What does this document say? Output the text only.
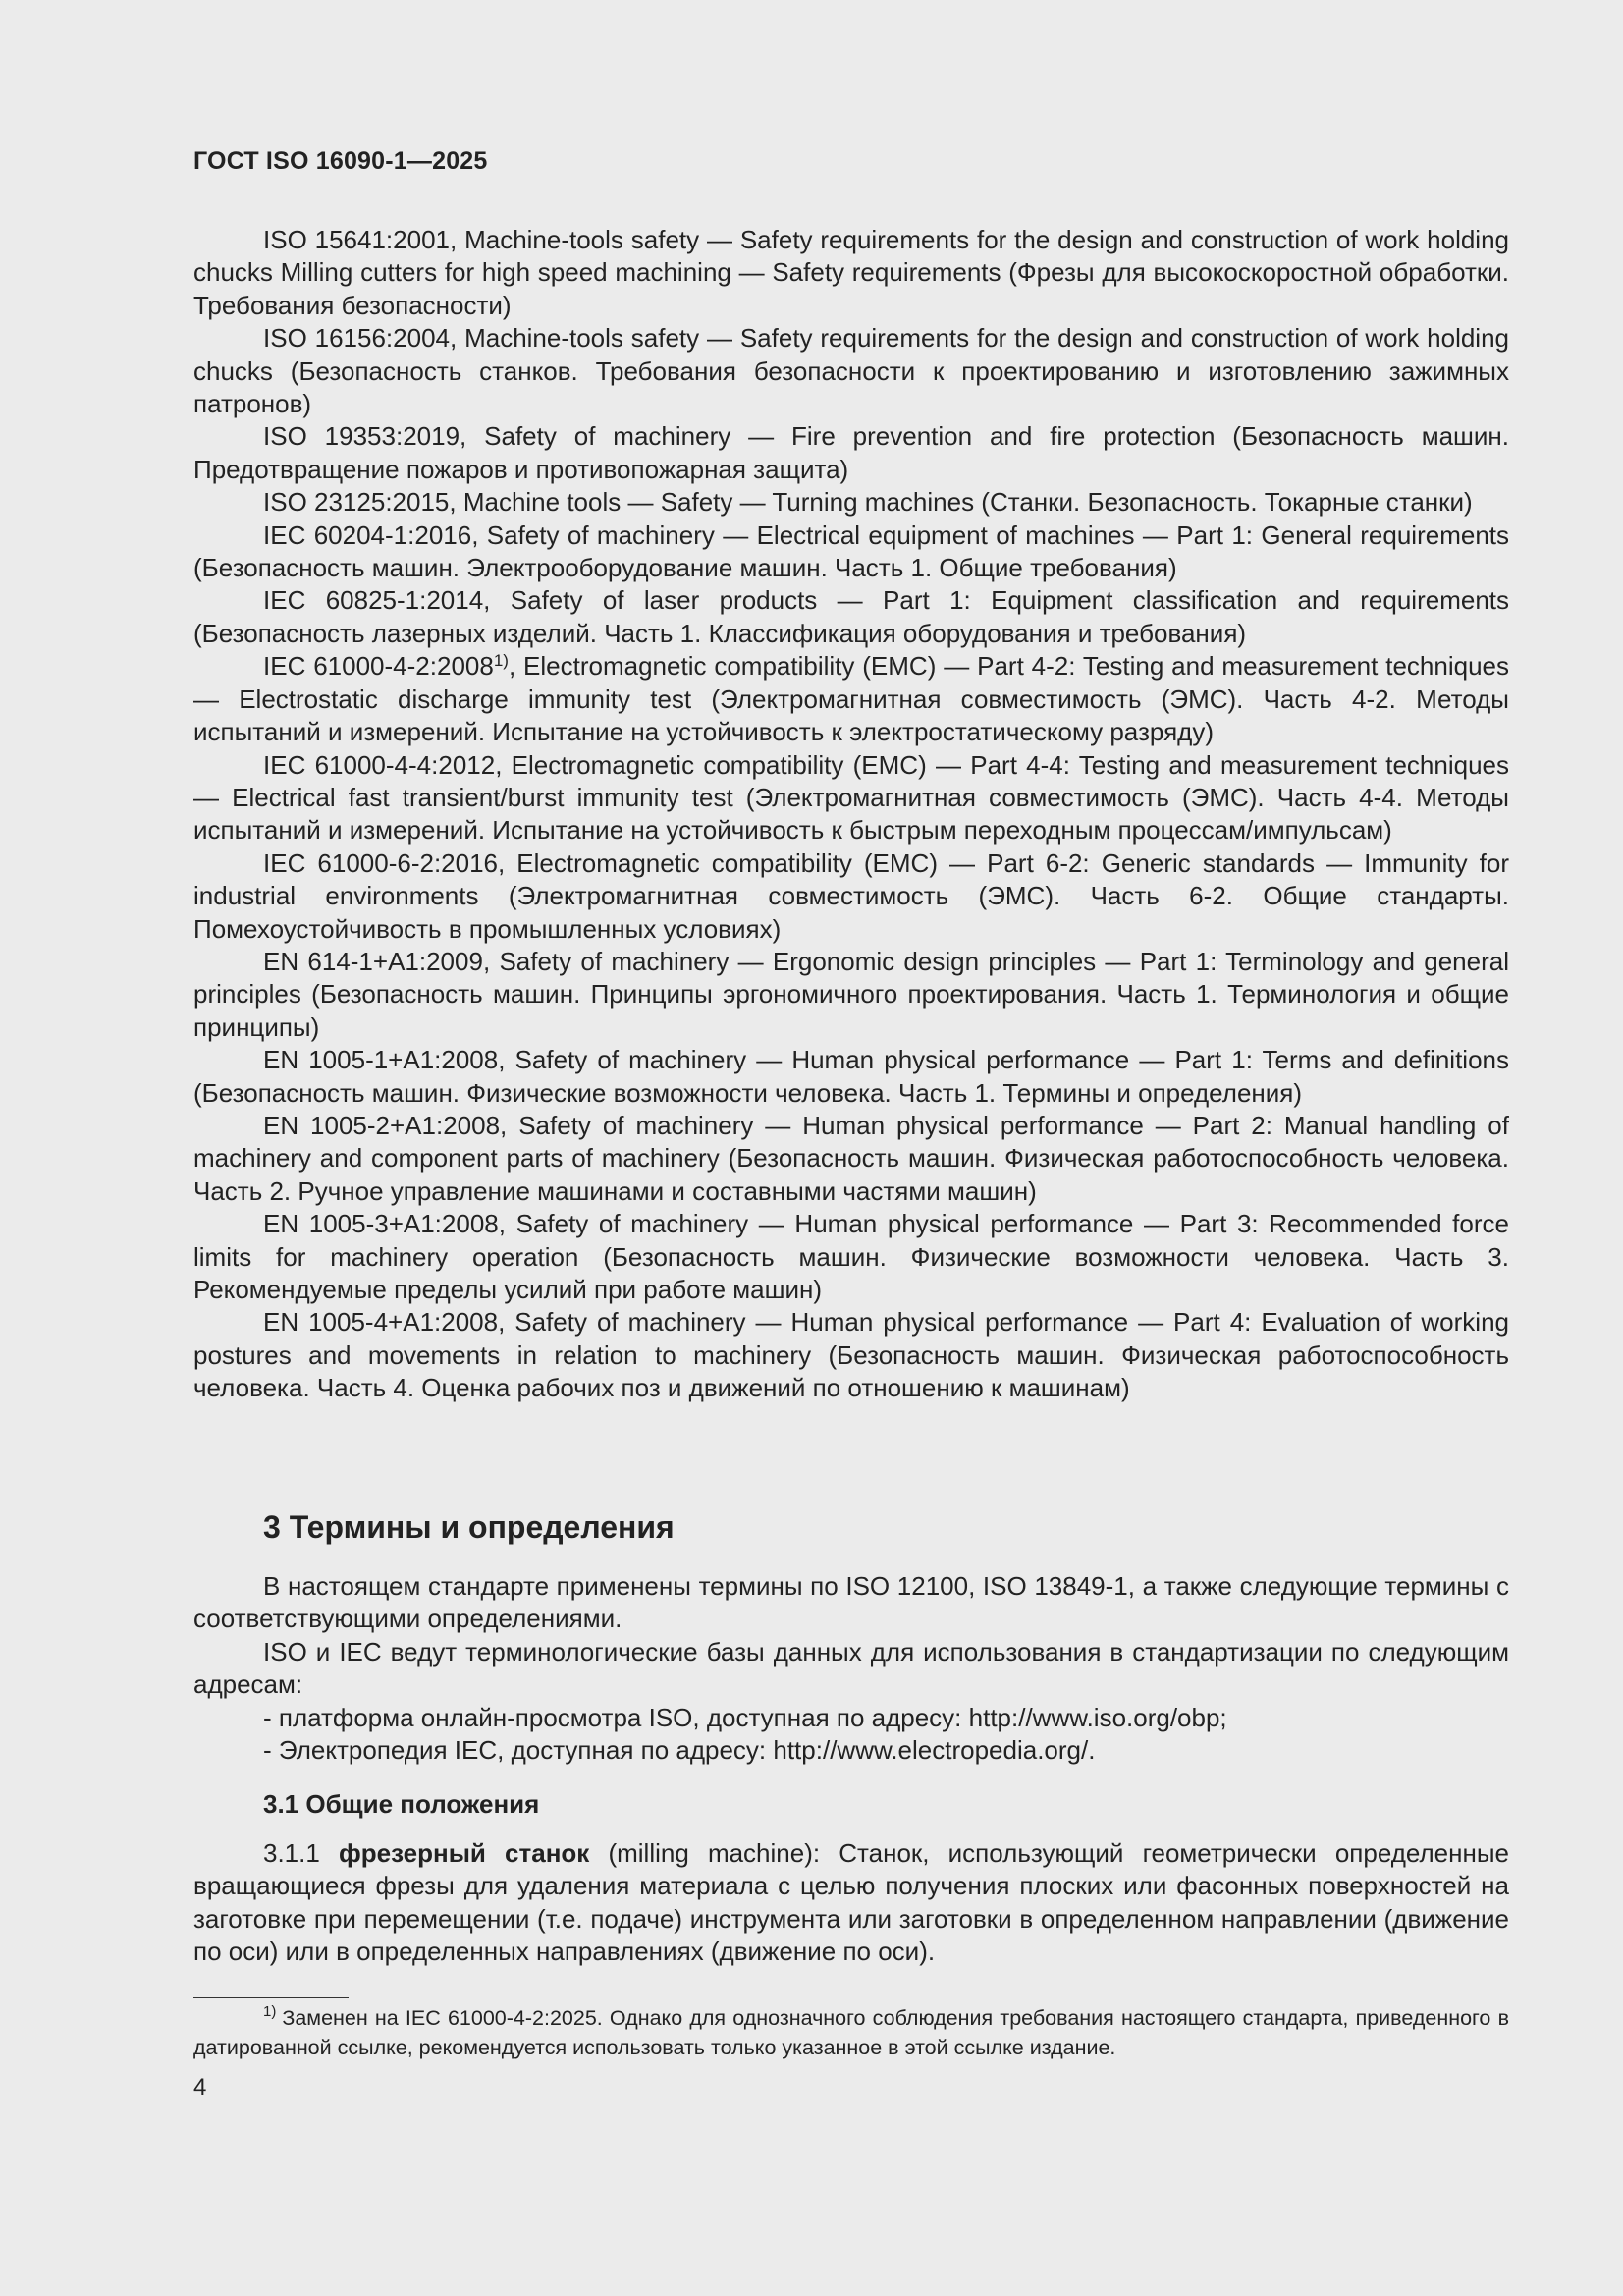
ГОСТ ISO 16090-1—2025

ISO 15641:2001, Machine-tools safety — Safety requirements for the design and construction of work holding chucks Milling cutters for high speed machining — Safety requirements (Фрезы для высокоскоростной обработки. Требования безопасности)

ISO 16156:2004, Machine-tools safety — Safety requirements for the design and construction of work holding chucks (Безопасность станков. Требования безопасности к проектированию и изготовлению зажимных патронов)

ISO 19353:2019, Safety of machinery — Fire prevention and fire protection (Безопасность машин. Предотвращение пожаров и противопожарная защита)

ISO 23125:2015, Machine tools — Safety — Turning machines (Станки. Безопасность. Токарные станки)

IEC 60204-1:2016, Safety of machinery — Electrical equipment of machines — Part 1: General requirements (Безопасность машин. Электрооборудование машин. Часть 1. Общие требования)

IEC 60825-1:2014, Safety of laser products — Part 1: Equipment classification and requirements (Безопасность лазерных изделий. Часть 1. Классификация оборудования и требования)

IEC 61000-4-2:2008$^{1)}$, Electromagnetic compatibility (EMC) — Part 4-2: Testing and measurement techniques — Electrostatic discharge immunity test (Электромагнитная совместимость (ЭМС). Часть 4-2. Методы испытаний и измерений. Испытание на устойчивость к электростатическому разряду)

IEC 61000-4-4:2012, Electromagnetic compatibility (EMC) — Part 4-4: Testing and measurement techniques — Electrical fast transient/burst immunity test (Электромагнитная совместимость (ЭМС). Часть 4-4. Методы испытаний и измерений. Испытание на устойчивость к быстрым переходным процессам/импульсам)

IEC 61000-6-2:2016, Electromagnetic compatibility (EMC) — Part 6-2: Generic standards — Immunity for industrial environments (Электромагнитная совместимость (ЭМС). Часть 6-2. Общие стандарты. Помехоустойчивость в промышленных условиях)

EN 614-1+A1:2009, Safety of machinery — Ergonomic design principles — Part 1: Terminology and general principles (Безопасность машин. Принципы эргономичного проектирования. Часть 1. Терминология и общие принципы)

EN 1005-1+A1:2008, Safety of machinery — Human physical performance — Part 1: Terms and definitions (Безопасность машин. Физические возможности человека. Часть 1. Термины и определения)

EN 1005-2+A1:2008, Safety of machinery — Human physical performance — Part 2: Manual handling of machinery and component parts of machinery (Безопасность машин. Физическая работоспособность человека. Часть 2. Ручное управление машинами и составными частями машин)

EN 1005-3+A1:2008, Safety of machinery — Human physical performance — Part 3: Recommended force limits for machinery operation (Безопасность машин. Физические возможности человека. Часть 3. Рекомендуемые пределы усилий при работе машин)

EN 1005-4+A1:2008, Safety of machinery — Human physical performance — Part 4: Evaluation of working postures and movements in relation to machinery (Безопасность машин. Физическая работоспособность человека. Часть 4. Оценка рабочих поз и движений по отношению к машинам)

3 Термины и определения

В настоящем стандарте применены термины по ISO 12100, ISO 13849-1, а также следующие термины с соответствующими определениями.

ISO и IEC ведут терминологические базы данных для использования в стандартизации по следующим адресам:

- платформа онлайн-просмотра ISO, доступная по адресу: http://www.iso.org/obp;

- Электропедия IEC, доступная по адресу: http://www.electropedia.org/.

3.1 Общие положения

3.1.1 фрезерный станок (milling machine): Станок, использующий геометрически определенные вращающиеся фрезы для удаления материала с целью получения плоских или фасонных поверхностей на заготовке при перемещении (т.е. подаче) инструмента или заготовки в определенном направлении (движение по оси) или в определенных направлениях (движение по оси).

$^{1)}$ Заменен на IEC 61000-4-2:2025. Однако для однозначного соблюдения требования настоящего стандарта, приведенного в датированной ссылке, рекомендуется использовать только указанное в этой ссылке издание.

4
